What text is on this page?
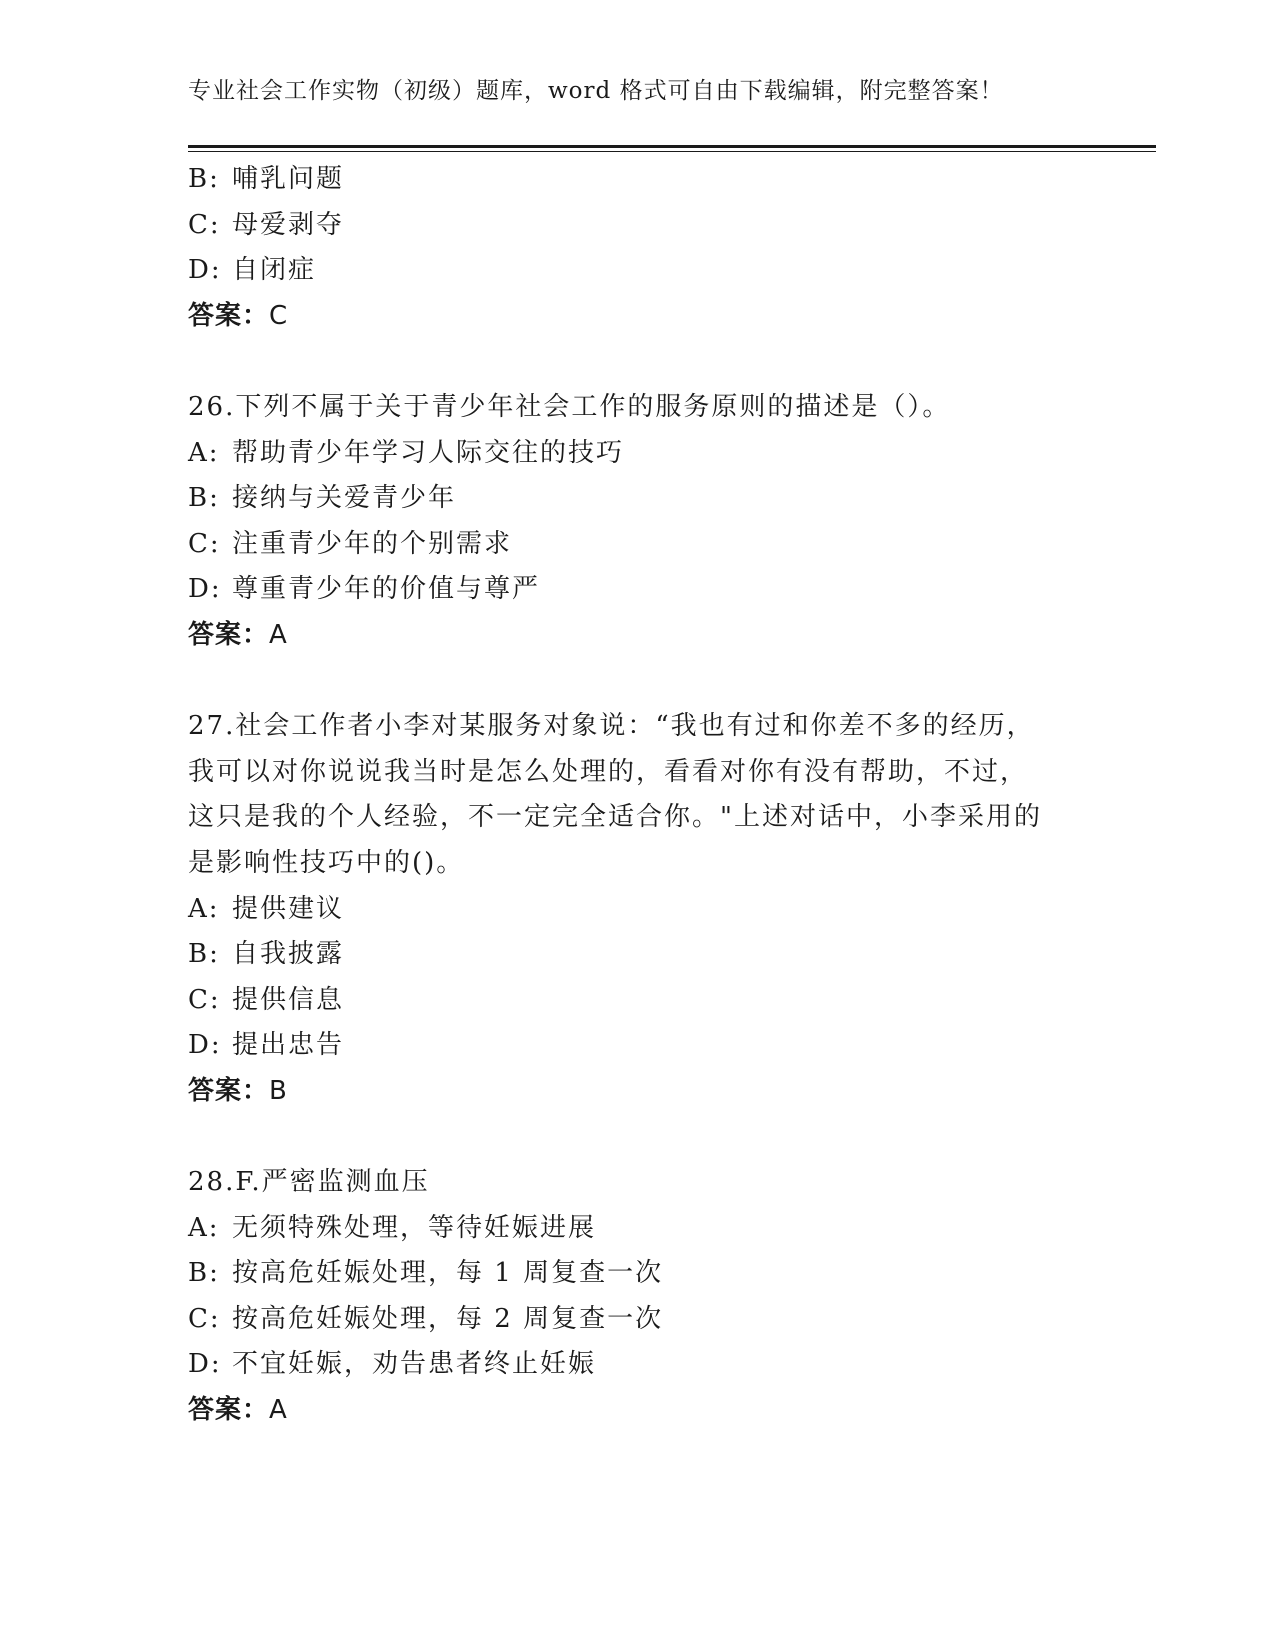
专业社会工作实物（初级）题库，word 格式可自由下载编辑，附完整答案！
B: 哺乳问题
C: 母爱剥夺
D: 自闭症
答案：C
26.下列不属于关于青少年社会工作的服务原则的描述是（）。
A: 帮助青少年学习人际交往的技巧
B: 接纳与关爱青少年
C: 注重青少年的个别需求
D: 尊重青少年的价值与尊严
答案：A
27.社会工作者小李对某服务对象说：“我也有过和你差不多的经历，
我可以对你说说我当时是怎么处理的，看看对你有没有帮助，不过，
这只是我的个人经验，不一定完全适合你。"上述对话中，小李采用的
是影响性技巧中的()。
A: 提供建议
B: 自我披露
C: 提供信息
D: 提出忠告
答案：B
28.F.严密监测血压
A: 无须特殊处理，等待妊娠进展
B: 按高危妊娠处理，每 1 周复查一次
C: 按高危妊娠处理，每 2 周复查一次
D: 不宜妊娠，劝告患者终止妊娠
答案：A
